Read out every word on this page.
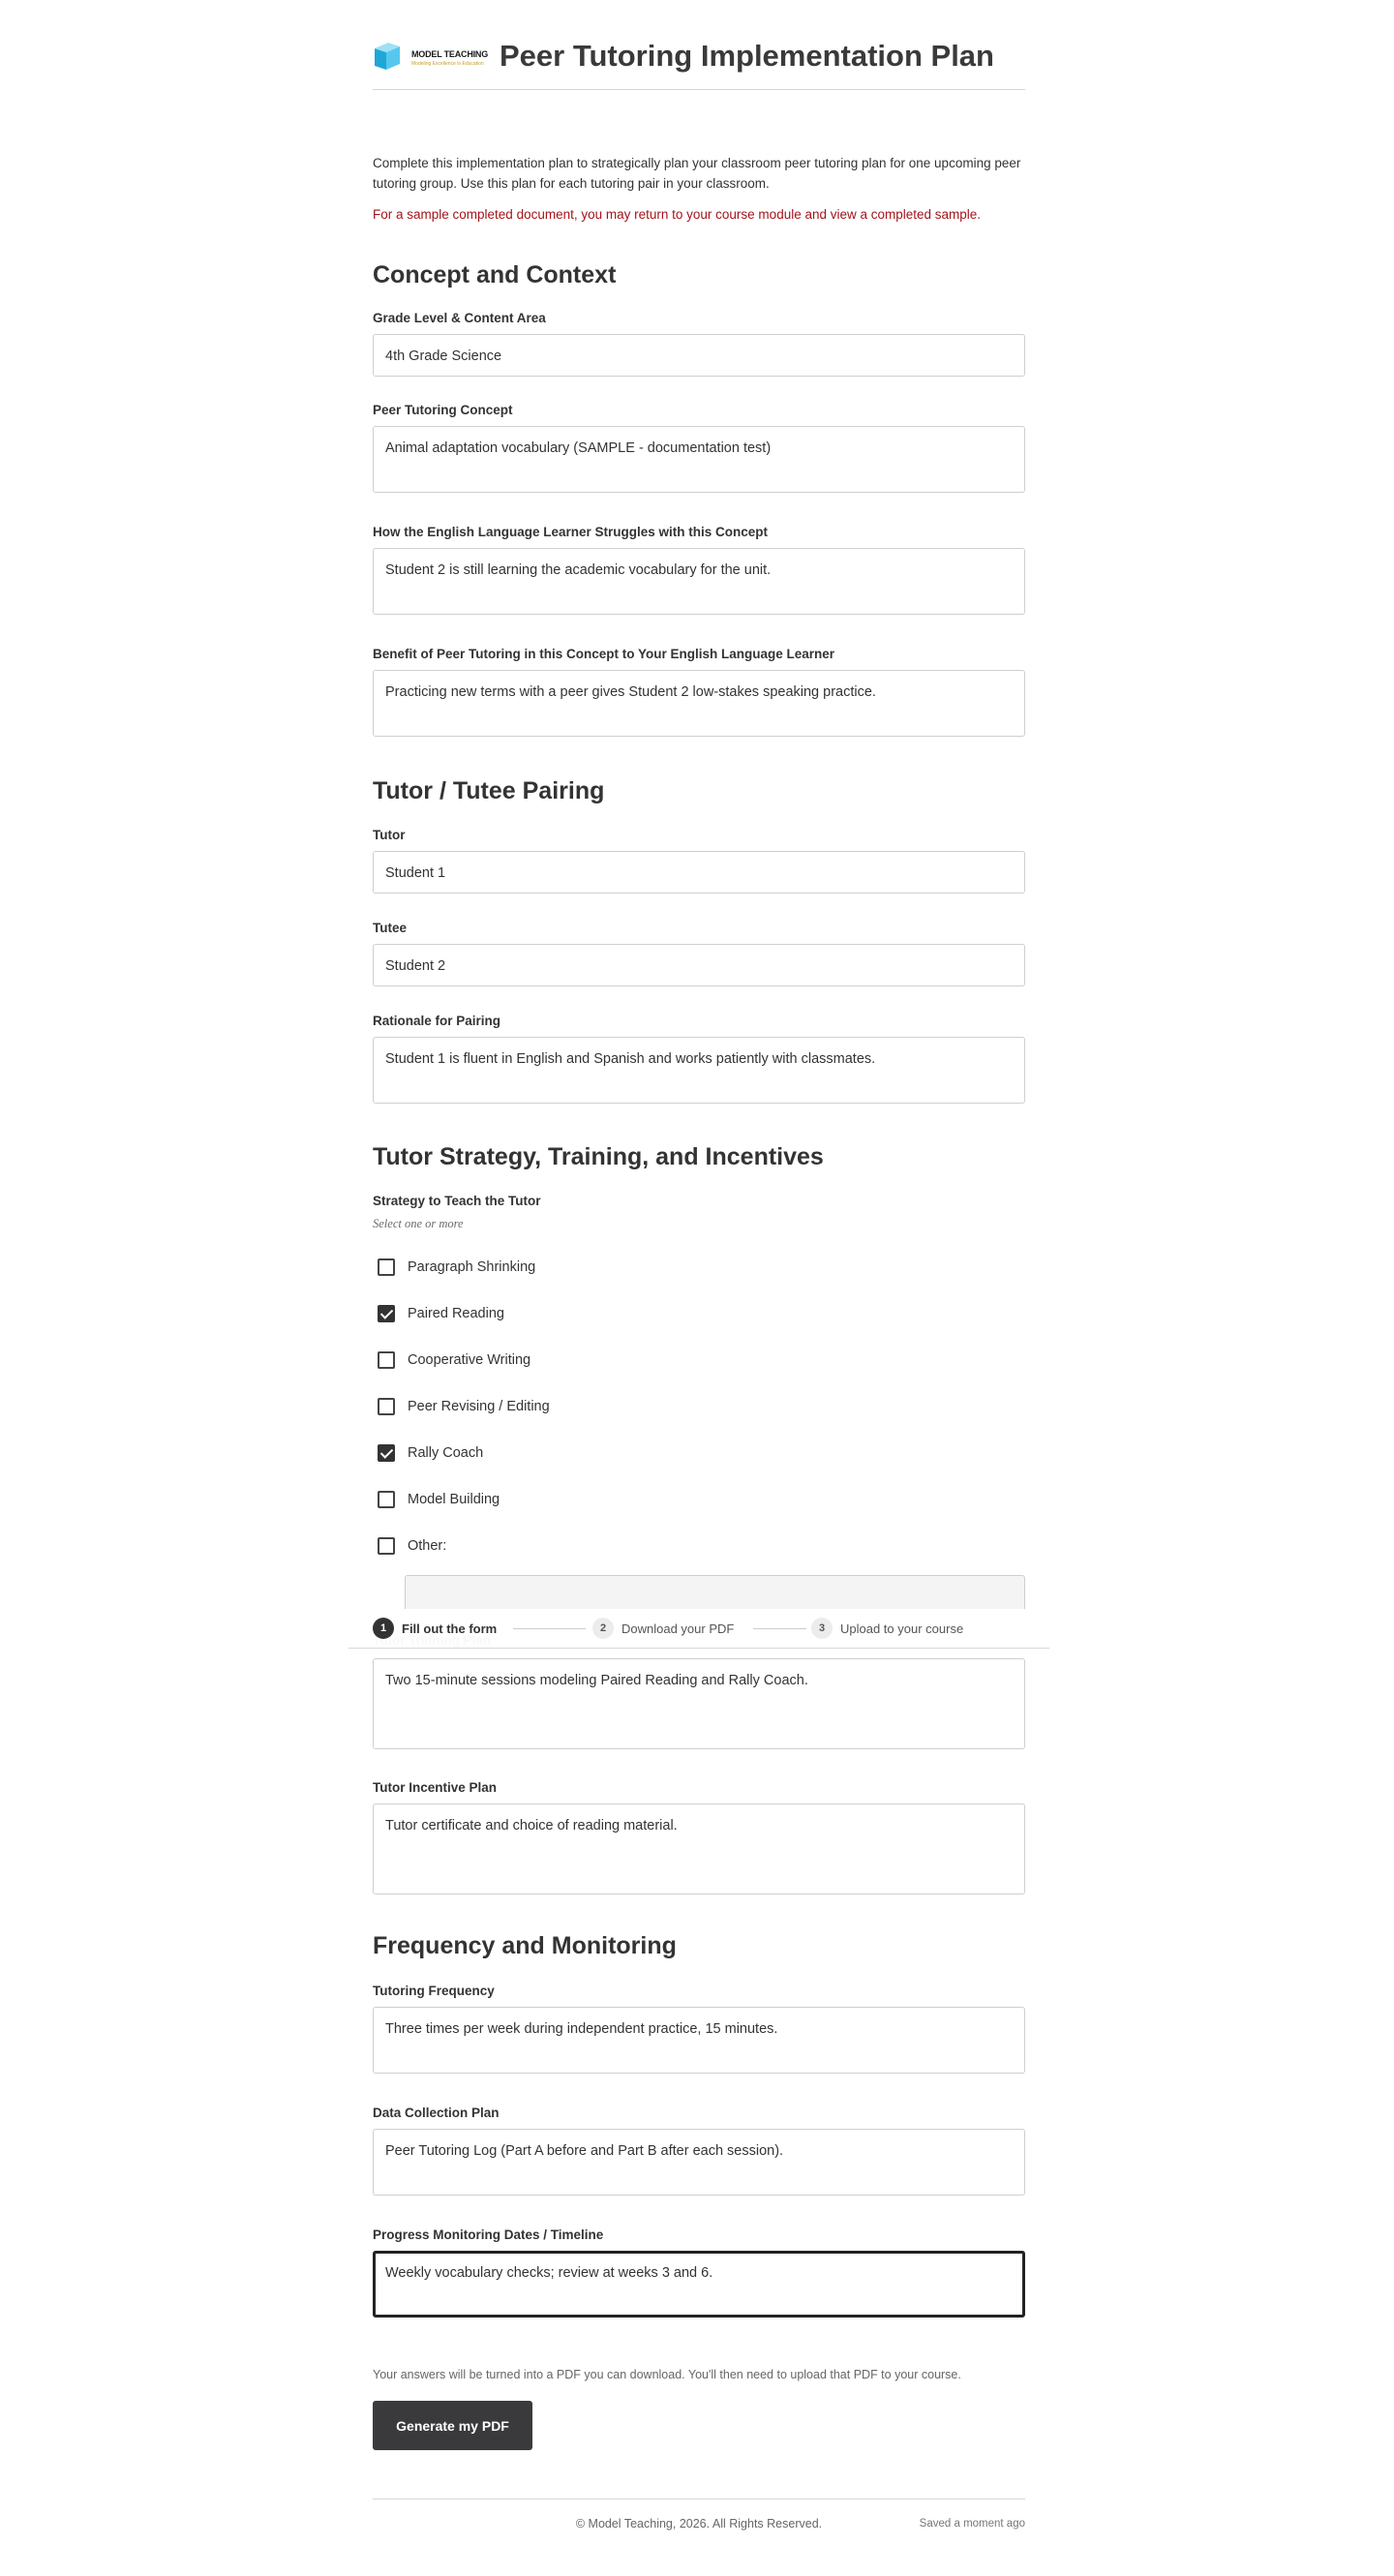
MODEL TEACHING
Modeling Excellence in Education Peer Tutoring Implementation Plan

Complete this implementation plan to strategically plan your classroom peer tutoring plan for one upcoming peer tutoring group. Use this plan for each tutoring pair in your classroom.

For a sample completed document, you may return to your course module and view a completed sample.

Concept and Context
Grade Level & Content Area
4th Grade Science
Peer Tutoring Concept
Animal adaptation vocabulary (SAMPLE - documentation test)
How the English Language Learner Struggles with this Concept
Student 2 is still learning the academic vocabulary for the unit.
Benefit of Peer Tutoring in this Concept to Your English Language Learner
Practicing new terms with a peer gives Student 2 low-stakes speaking practice.
Tutor / Tutee Pairing
Tutor
Student 1
Tutee
Student 2
Rationale for Pairing
Student 1 is fluent in English and Spanish and works patiently with classmates.
Tutor Strategy, Training, and Incentives
Strategy to Teach the Tutor
Select one or more
Paragraph Shrinking
Paired Reading
Cooperative Writing
Peer Revising / Editing
Rally Coach
Model Building
Other:
Two 15-minute sessions modeling Paired Reading and Rally Coach.
Tutor Incentive Plan
Tutor certificate and choice of reading material.
Frequency and Monitoring
Tutoring Frequency
Three times per week during independent practice, 15 minutes.
Data Collection Plan
Peer Tutoring Log (Part A before and Part B after each session).
Progress Monitoring Dates / Timeline
Weekly vocabulary checks; review at weeks 3 and 6.
Your answers will be turned into a PDF you can download. You'll then need to upload that PDF to your course.
Generate my PDF
© Model Teaching, 2026. All Rights Reserved.	Saved a moment ago
1	Fill out the form	2	Download your PDF	3	Upload to your course
